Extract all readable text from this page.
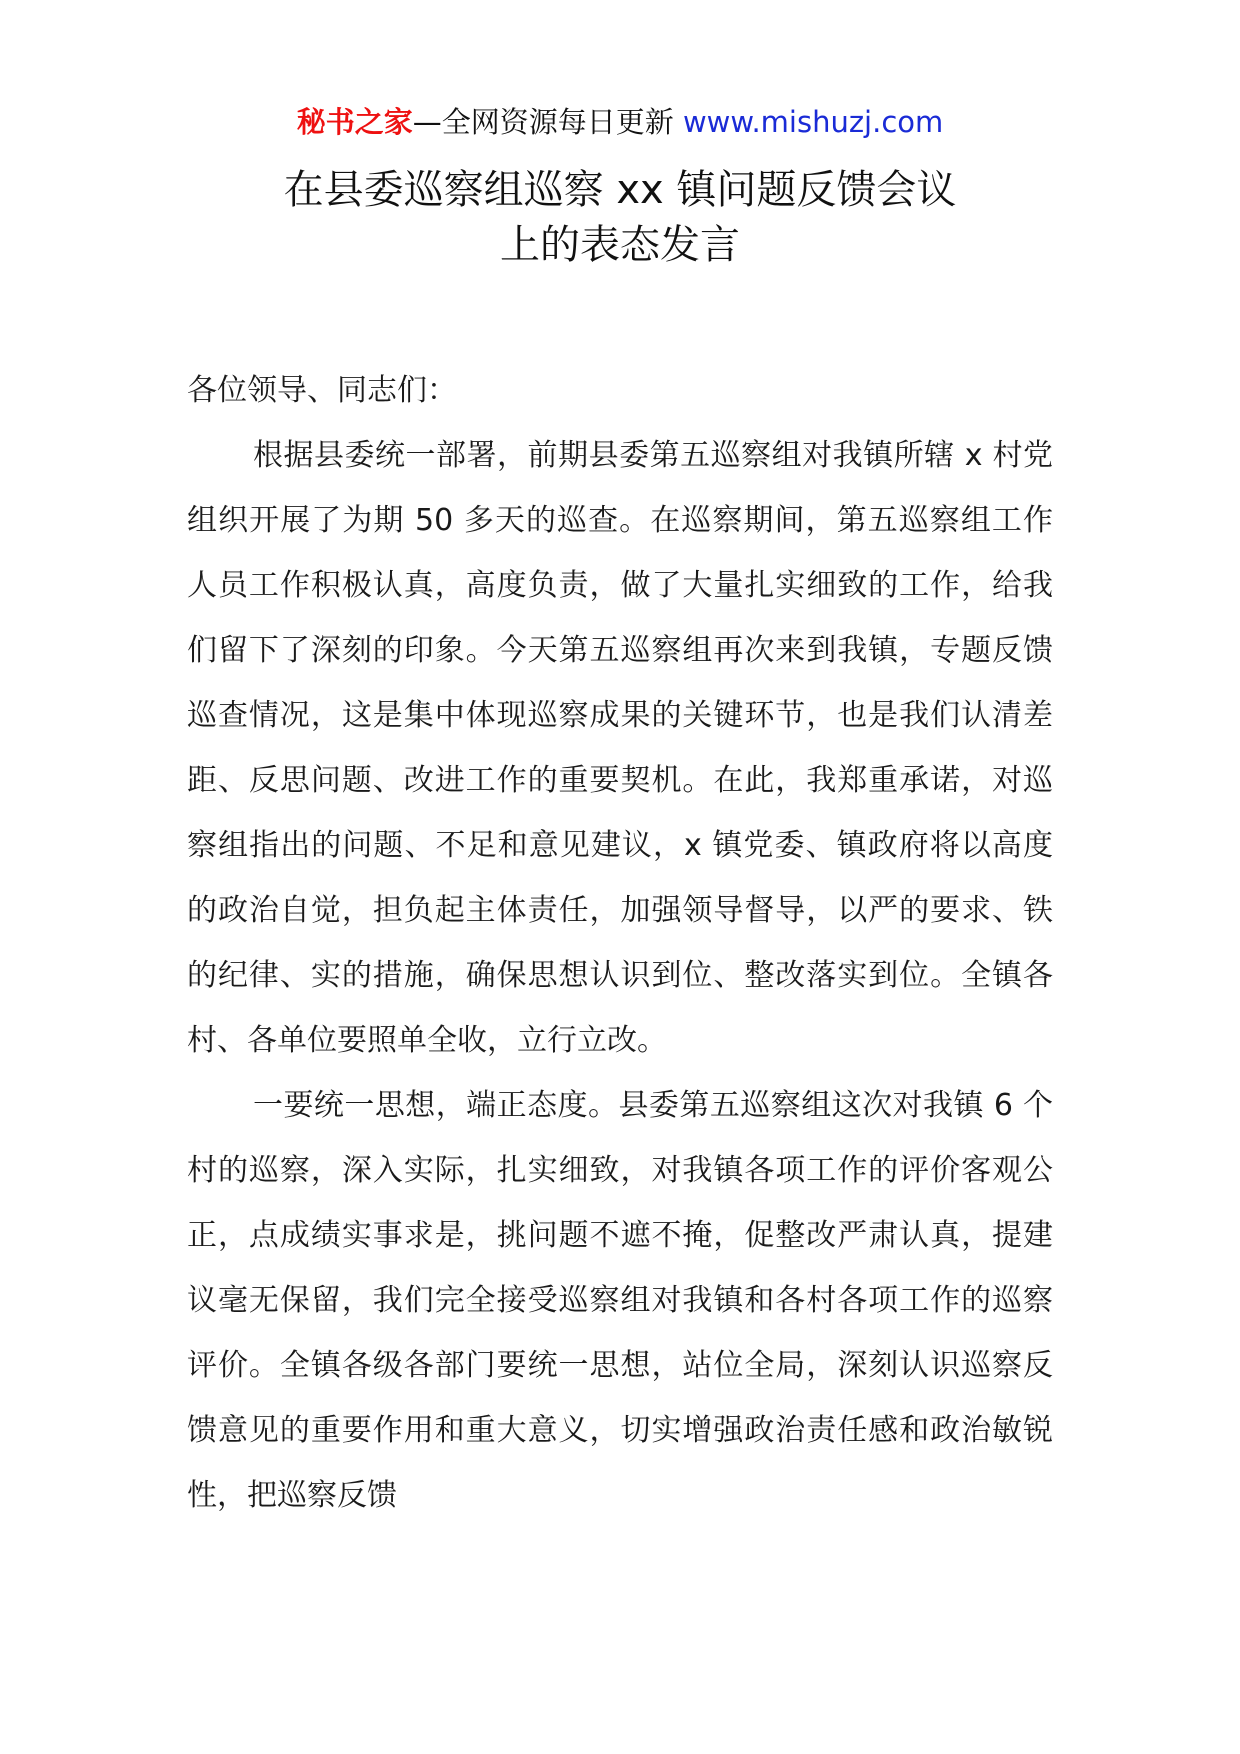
秘书之家—全网资源每日更新 www.mishuzj.com
在县委巡察组巡察 xx 镇问题反馈会议
上的表态发言

各位领导、同志们：

根据县委统一部署，前期县委第五巡察组对我镇所辖 x 村党组织开展了为期 50 多天的巡查。在巡察期间，第五巡察组工作人员工作积极认真，高度负责，做了大量扎实细致的工作，给我们留下了深刻的印象。今天第五巡察组再次来到我镇，专题反馈巡查情况，这是集中体现巡察成果的关键环节，也是我们认清差距、反思问题、改进工作的重要契机。在此，我郑重承诺，对巡察组指出的问题、不足和意见建议，x 镇党委、镇政府将以高度的政治自觉，担负起主体责任，加强领导督导，以严的要求、铁的纪律、实的措施，确保思想认识到位、整改落实到位。全镇各村、各单位要照单全收，立行立改。

一要统一思想，端正态度。县委第五巡察组这次对我镇 6 个村的巡察，深入实际，扎实细致，对我镇各项工作的评价客观公正，点成绩实事求是，挑问题不遮不掩，促整改严肃认真，提建议毫无保留，我们完全接受巡察组对我镇和各村各项工作的巡察评价。全镇各级各部门要统一思想，站位全局，深刻认识巡察反馈意见的重要作用和重大意义，切实增强政治责任感和政治敏锐性，把巡察反馈
